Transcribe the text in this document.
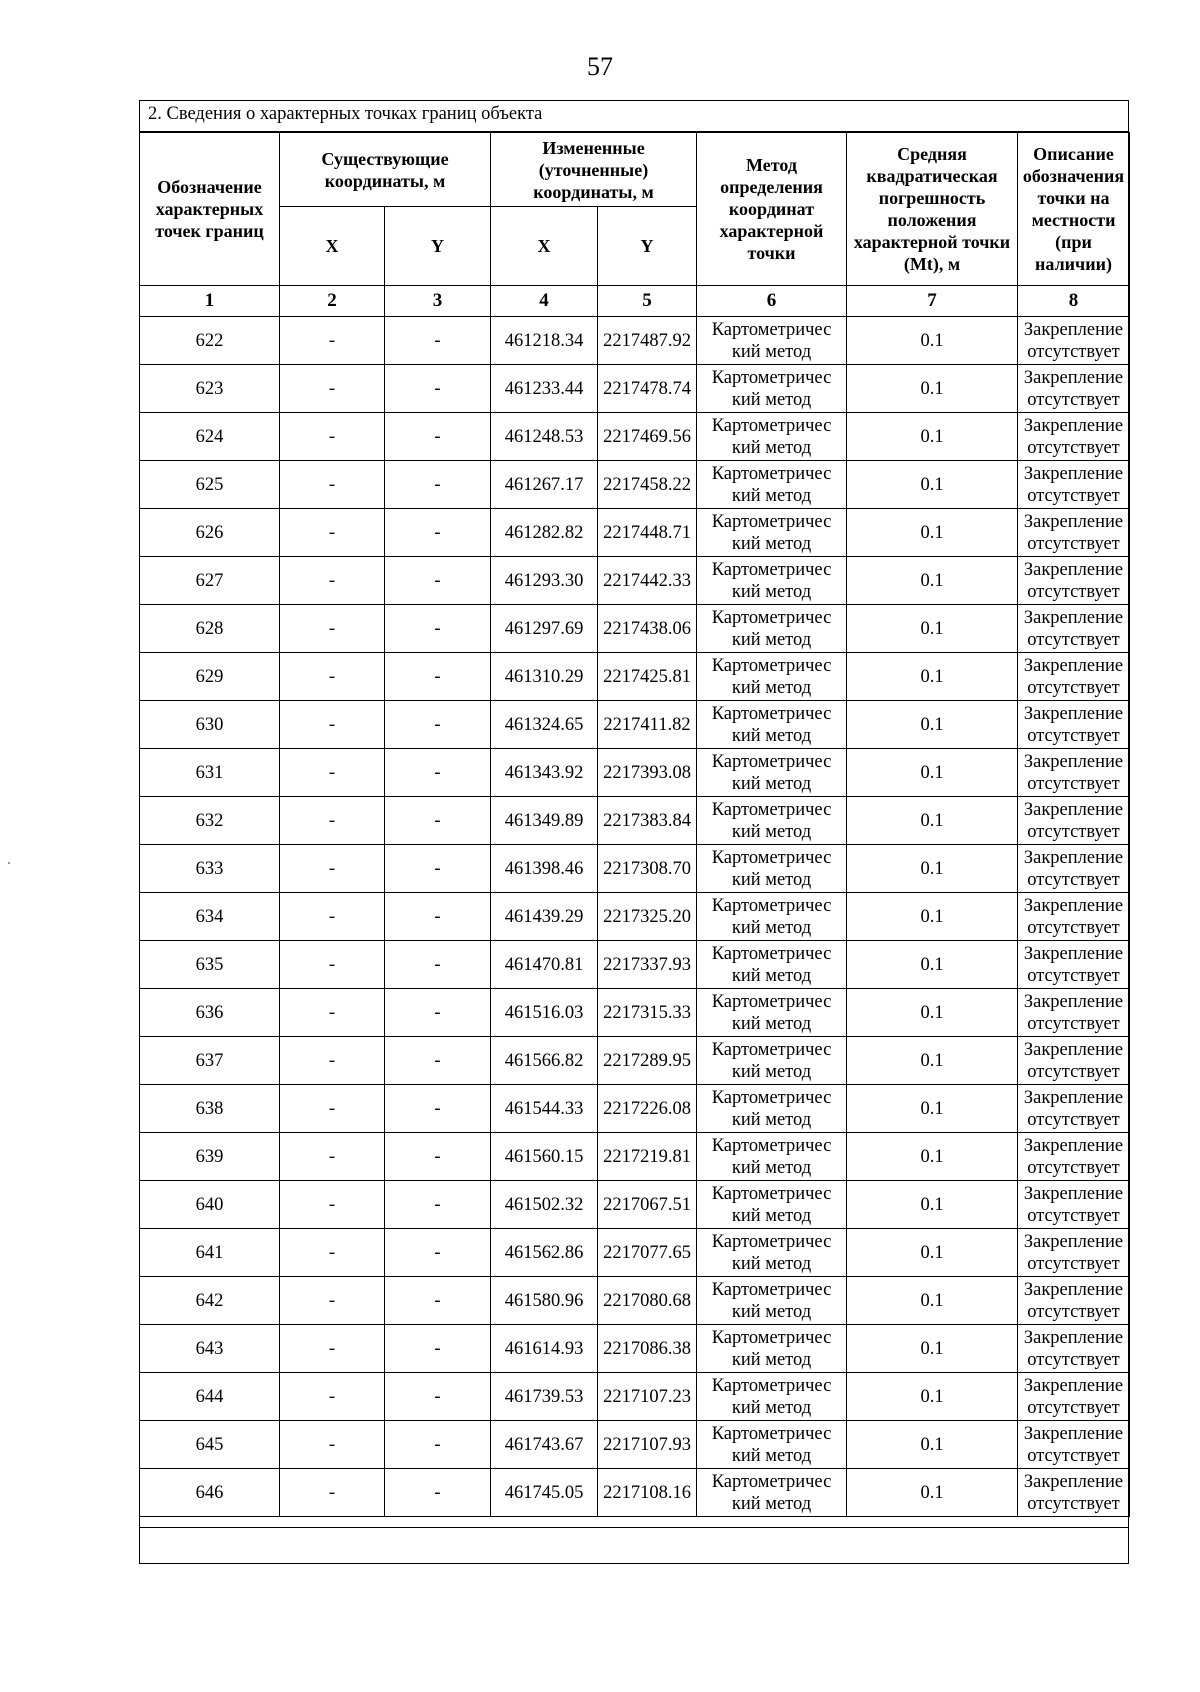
57
2. Сведения о характерных точках границ объекта
Обозначение характерных точек границ	Существующие координаты, м		Измененные (уточненные) координаты, м		Метод определения координат характерной точки	Средняя квадратическая погрешность положения характерной точки (Mt), м	Описание обозначения точки на местности (при наличии)
	X	Y	X	Y			
1	2	3	4	5	6	7	8
622	-	-	461218.34	2217487.92	Картометричес кий метод	0.1	Закрепление отсутствует
623	-	-	461233.44	2217478.74	Картометричес кий метод	0.1	Закрепление отсутствует
624	-	-	461248.53	2217469.56	Картометричес кий метод	0.1	Закрепление отсутствует
625	-	-	461267.17	2217458.22	Картометричес кий метод	0.1	Закрепление отсутствует
626	-	-	461282.82	2217448.71	Картометричес кий метод	0.1	Закрепление отсутствует
627	-	-	461293.30	2217442.33	Картометричес кий метод	0.1	Закрепление отсутствует
628	-	-	461297.69	2217438.06	Картометричес кий метод	0.1	Закрепление отсутствует
629	-	-	461310.29	2217425.81	Картометричес кий метод	0.1	Закрепление отсутствует
630	-	-	461324.65	2217411.82	Картометричес кий метод	0.1	Закрепление отсутствует
631	-	-	461343.92	2217393.08	Картометричес кий метод	0.1	Закрепление отсутствует
632	-	-	461349.89	2217383.84	Картометричес кий метод	0.1	Закрепление отсутствует
633	-	-	461398.46	2217308.70	Картометричес кий метод	0.1	Закрепление отсутствует
634	-	-	461439.29	2217325.20	Картометричес кий метод	0.1	Закрепление отсутствует
635	-	-	461470.81	2217337.93	Картометричес кий метод	0.1	Закрепление отсутствует
636	-	-	461516.03	2217315.33	Картометричес кий метод	0.1	Закрепление отсутствует
637	-	-	461566.82	2217289.95	Картометричес кий метод	0.1	Закрепление отсутствует
638	-	-	461544.33	2217226.08	Картометричес кий метод	0.1	Закрепление отсутствует
639	-	-	461560.15	2217219.81	Картометричес кий метод	0.1	Закрепление отсутствует
640	-	-	461502.32	2217067.51	Картометричес кий метод	0.1	Закрепление отсутствует
641	-	-	461562.86	2217077.65	Картометричес кий метод	0.1	Закрепление отсутствует
642	-	-	461580.96	2217080.68	Картометричес кий метод	0.1	Закрепление отсутствует
643	-	-	461614.93	2217086.38	Картометричес кий метод	0.1	Закрепление отсутствует
644	-	-	461739.53	2217107.23	Картометричес кий метод	0.1	Закрепление отсутствует
645	-	-	461743.67	2217107.93	Картометричес кий метод	0.1	Закрепление отсутствует
646	-	-	461745.05	2217108.16	Картометричес кий метод	0.1	Закрепление отсутствует
